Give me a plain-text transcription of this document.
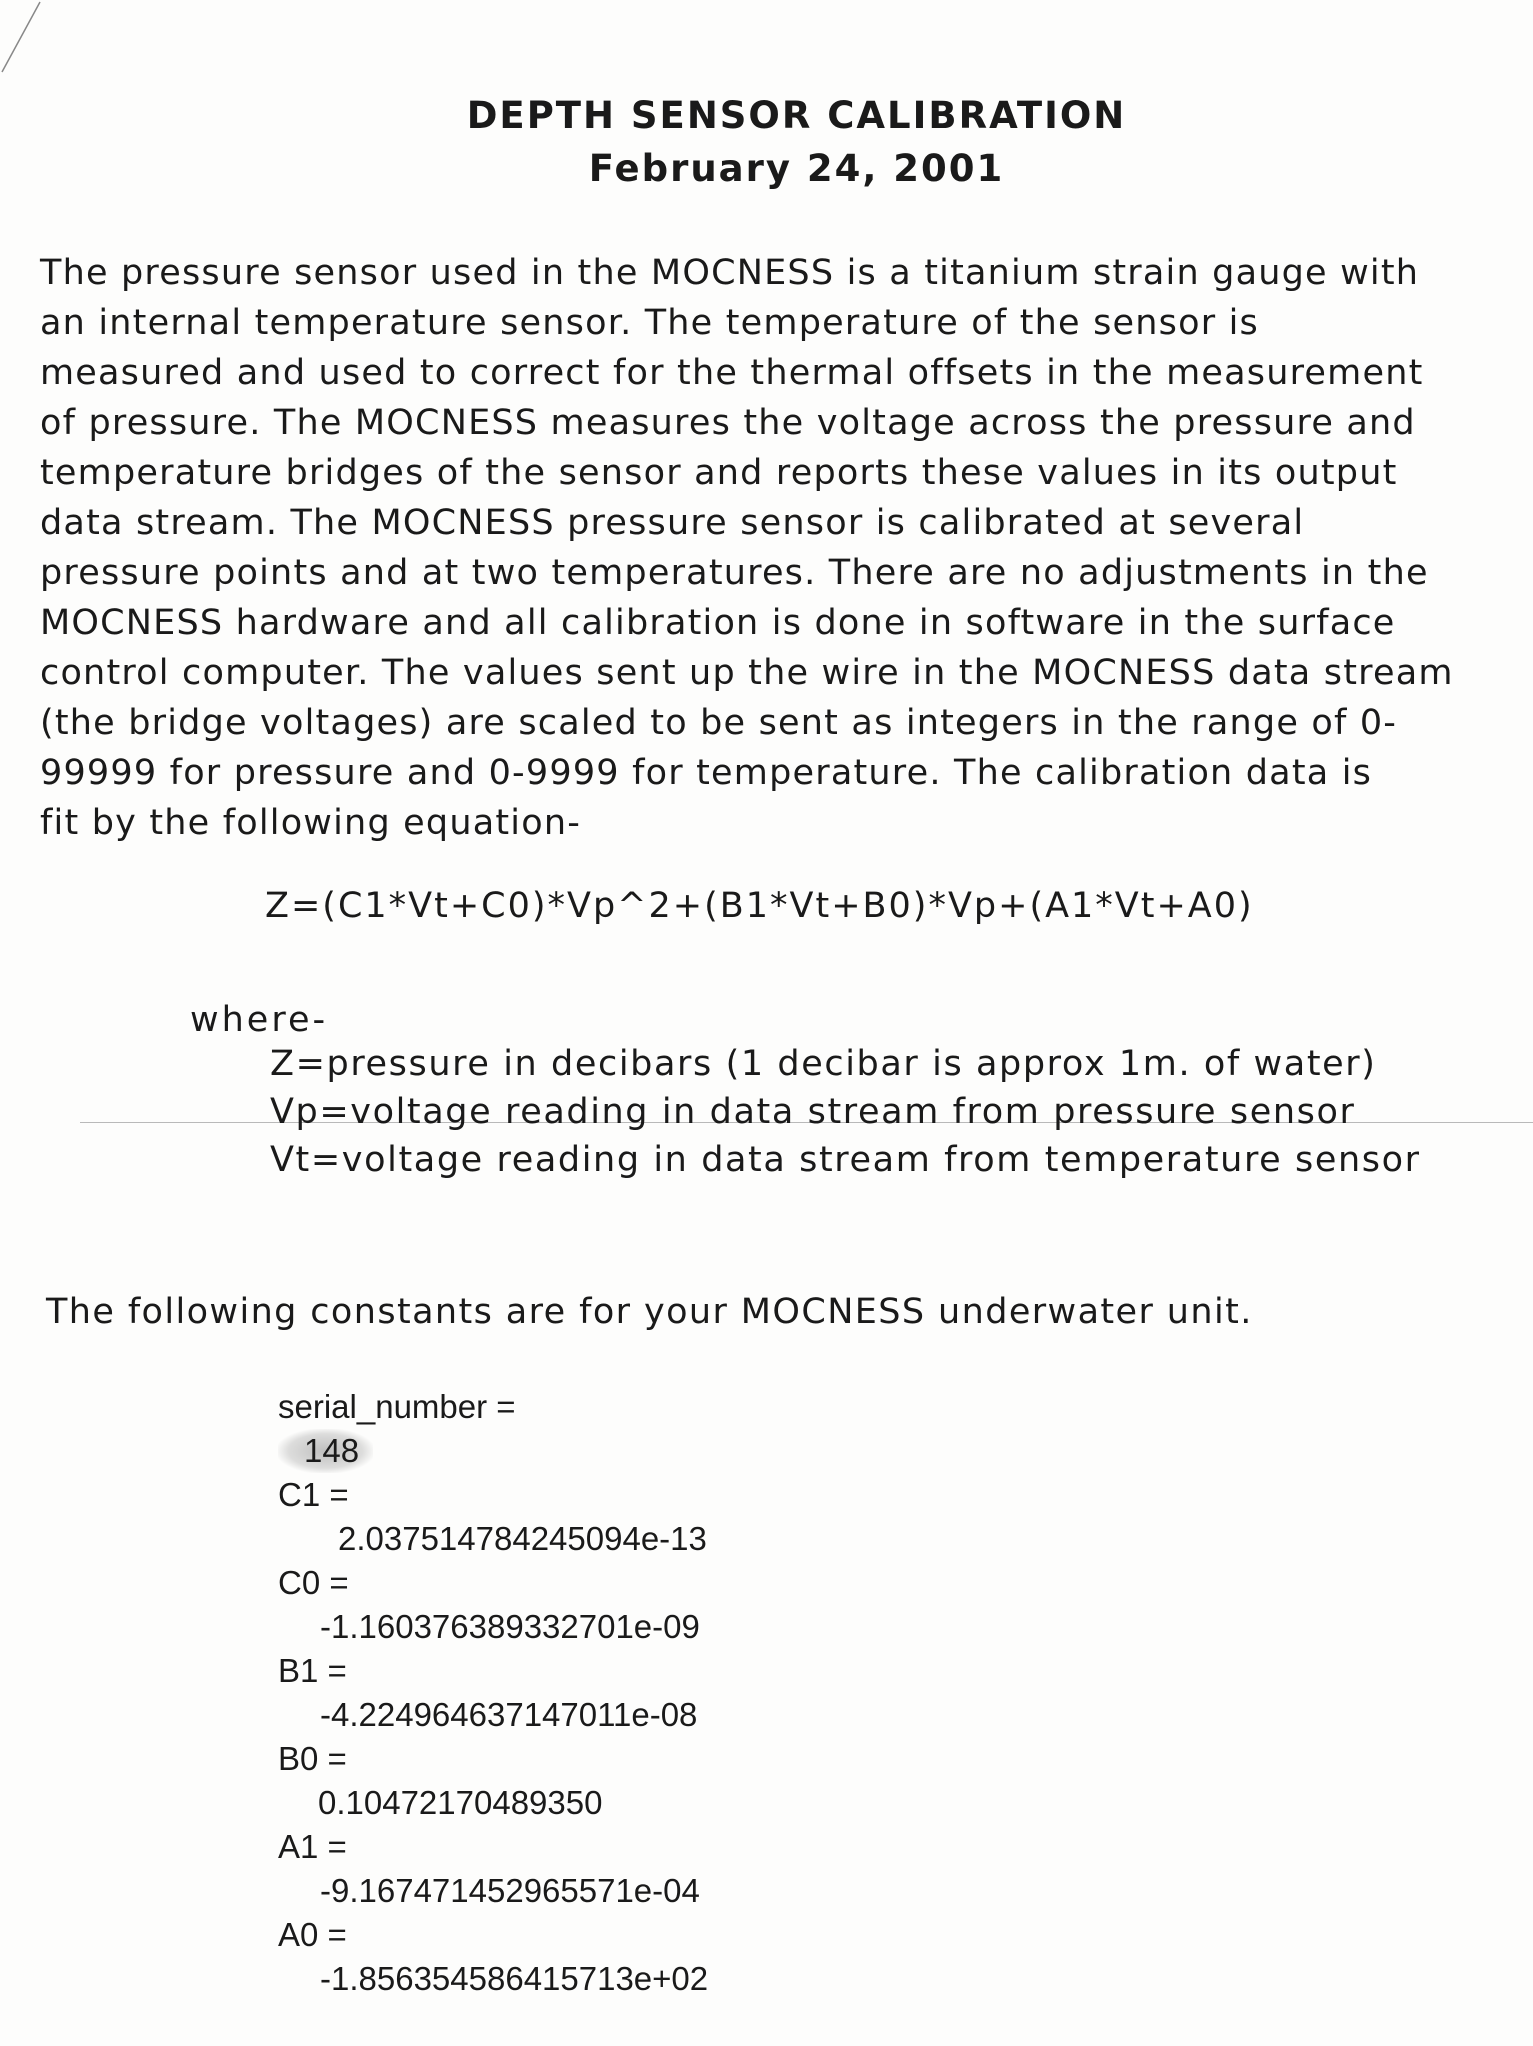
DEPTH SENSOR CALIBRATION
February 24, 2001

The pressure sensor used in the MOCNESS is a titanium strain gauge with
an internal temperature sensor. The temperature of the sensor is
measured and used to correct for the thermal offsets in the measurement
of pressure. The MOCNESS measures the voltage across the pressure and
temperature bridges of the sensor and reports these values in its output
data stream. The MOCNESS pressure sensor is calibrated at several
pressure points and at two temperatures. There are no adjustments in the
MOCNESS hardware and all calibration is done in software in the surface
control computer. The values sent up the wire in the MOCNESS data stream
(the bridge voltages) are scaled to be sent as integers in the range of 0-
99999 for pressure and 0-9999 for temperature. The calibration data is
fit by the following equation-

Z=(C1*Vt+C0)*Vp^2+(B1*Vt+B0)*Vp+(A1*Vt+A0)
where-
Z=pressure in decibars (1 decibar is approx 1m. of water)
Vp=voltage reading in data stream from pressure sensor
Vt=voltage reading in data stream from temperature sensor
The following constants are for your MOCNESS underwater unit.
serial_number =
148
C1 =
2.037514784245094e-13
C0 =
-1.160376389332701e-09
B1 =
-4.224964637147011e-08
B0 =
0.10472170489350
A1 =
-9.167471452965571e-04
A0 =
-1.856354586415713e+02
